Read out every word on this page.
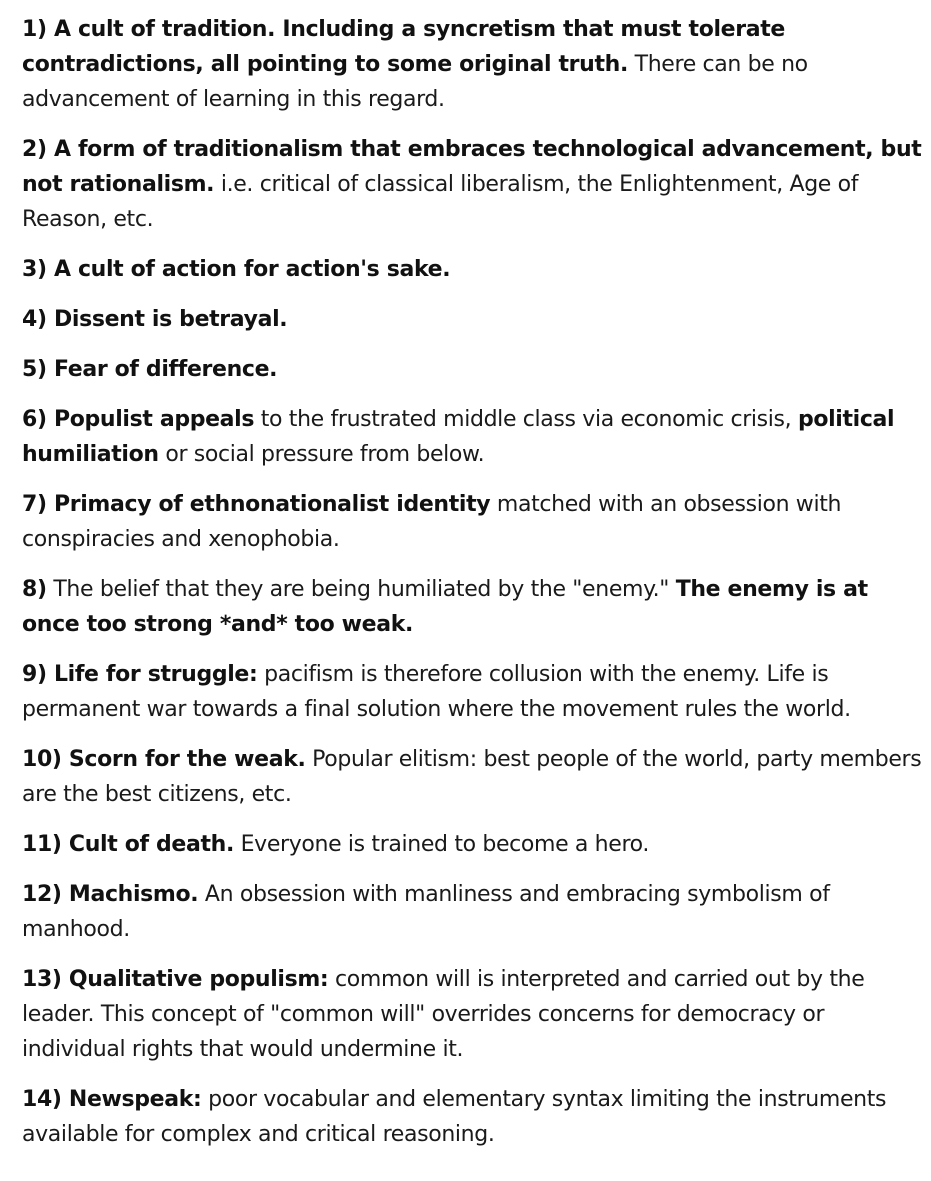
1) A cult of tradition. Including a syncretism that must tolerate contradictions, all pointing to some original truth. There can be no advancement of learning in this regard.

2) A form of traditionalism that embraces technological advancement, but not rationalism. i.e. critical of classical liberalism, the Enlightenment, Age of Reason, etc.

3) A cult of action for action's sake.

4) Dissent is betrayal.

5) Fear of difference.

6) Populist appeals to the frustrated middle class via economic crisis, political humiliation or social pressure from below.

7) Primacy of ethnonationalist identity matched with an obsession with conspiracies and xenophobia.

8) The belief that they are being humiliated by the "enemy." The enemy is at once too strong *and* too weak.

9) Life for struggle: pacifism is therefore collusion with the enemy. Life is permanent war towards a final solution where the movement rules the world.

10) Scorn for the weak. Popular elitism: best people of the world, party members are the best citizens, etc.

11) Cult of death. Everyone is trained to become a hero.

12) Machismo. An obsession with manliness and embracing symbolism of manhood.

13) Qualitative populism: common will is interpreted and carried out by the leader. This concept of "common will" overrides concerns for democracy or individual rights that would undermine it.

14) Newspeak: poor vocabular and elementary syntax limiting the instruments available for complex and critical reasoning.
